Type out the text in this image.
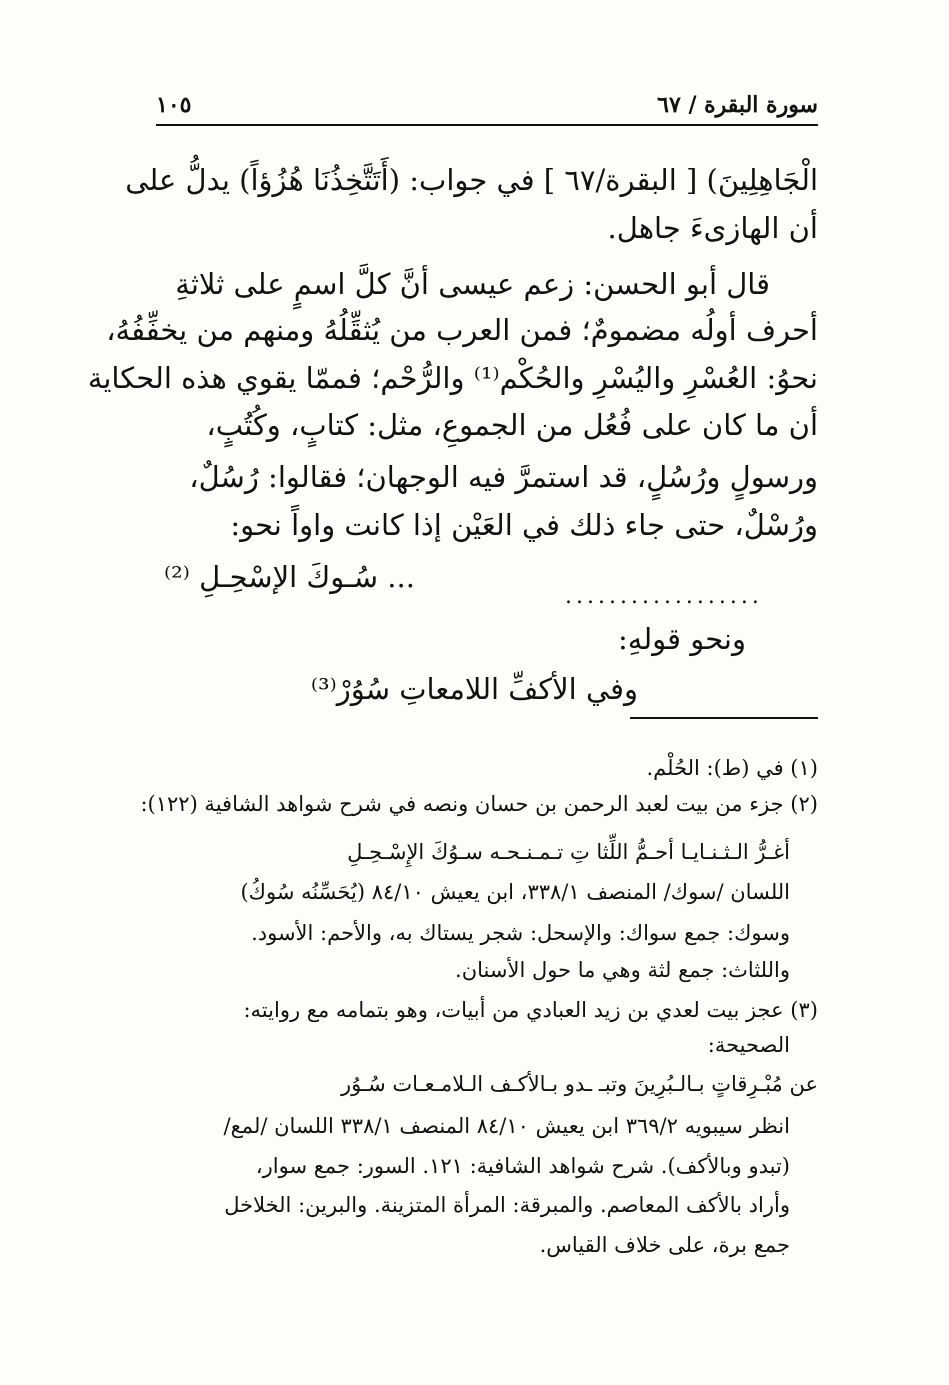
سورة البقرة / ٦٧
١٠٥
الْجَاهِلِينَ) [ البقرة/٦٧ ] في جواب: (أَتَتَّخِذُنَا هُزُؤاً) يدلُّ على
أن الهازىءَ جاهل.
قال أبو الحسن: زعم عيسى أنَّ كلَّ اسمٍ على ثلاثةِ
أحرف أولُه مضمومٌ؛ فمن العرب من يُثقِّلُهُ ومنهم من يخفِّفُهُ،
نحوُ: العُسْرِ واليُسْرِ والحُكْم⁽¹⁾ والرُّحْم؛ فممّا يقوي هذه الحكاية
أن ما كان على فُعُل من الجموعِ، مثل: كتابٍ، وكُتُبٍ،
ورسولٍ ورُسُلٍ، قد استمرَّ فيه الوجهان؛ فقالوا: رُسُلٌ،
ورُسْلٌ، حتى جاء ذلك في العَيْن إذا كانت واواً نحو:
..................
... سُـوكَ الإسْحِـلِ ⁽²⁾
ونحو قولهِ:
وفي الأكفِّ اللامعاتِ سُوُرْ⁽³⁾
(١) في (ط): الحُلْم.
(٢) جزء من بيت لعبد الرحمن بن حسان ونصه في شرح شواهد الشافية (١٢٢):
أغـرُّ الـثـنـايـا أحـمُّ اللِّثا تِ تـمـنـحـه سـوُكَ الإِسْـحِـلِ
اللسان /سوك/ المنصف ٣٣٨/١، ابن يعيش ٨٤/١٠ (يُحَسِّنُه سُوكُ)
وسوك: جمع سواك: والإسحل: شجر يستاك به، والأحم: الأسود.
واللثاث: جمع لثة وهي ما حول الأسنان.
(٣) عجز بيت لعدي بن زيد العبادي من أبيات، وهو بتمامه مع روايته:
الصحيحة:
عن مُبْـرِقاتٍ بـالـبُرِينَ وتبـ ـدو بـالأكـف الـلامـعـات سُـوُر
انظر سيبويه ٣٦٩/٢ ابن يعيش ٨٤/١٠ المنصف ٣٣٨/١ اللسان /لمع/
(تبدو وبالأكف). شرح شواهد الشافية: ١٢١. السور: جمع سوار،
وأراد بالأكف المعاصم. والمبرقة: المرأة المتزينة. والبرين: الخلاخل
جمع برة، على خلاف القياس.
